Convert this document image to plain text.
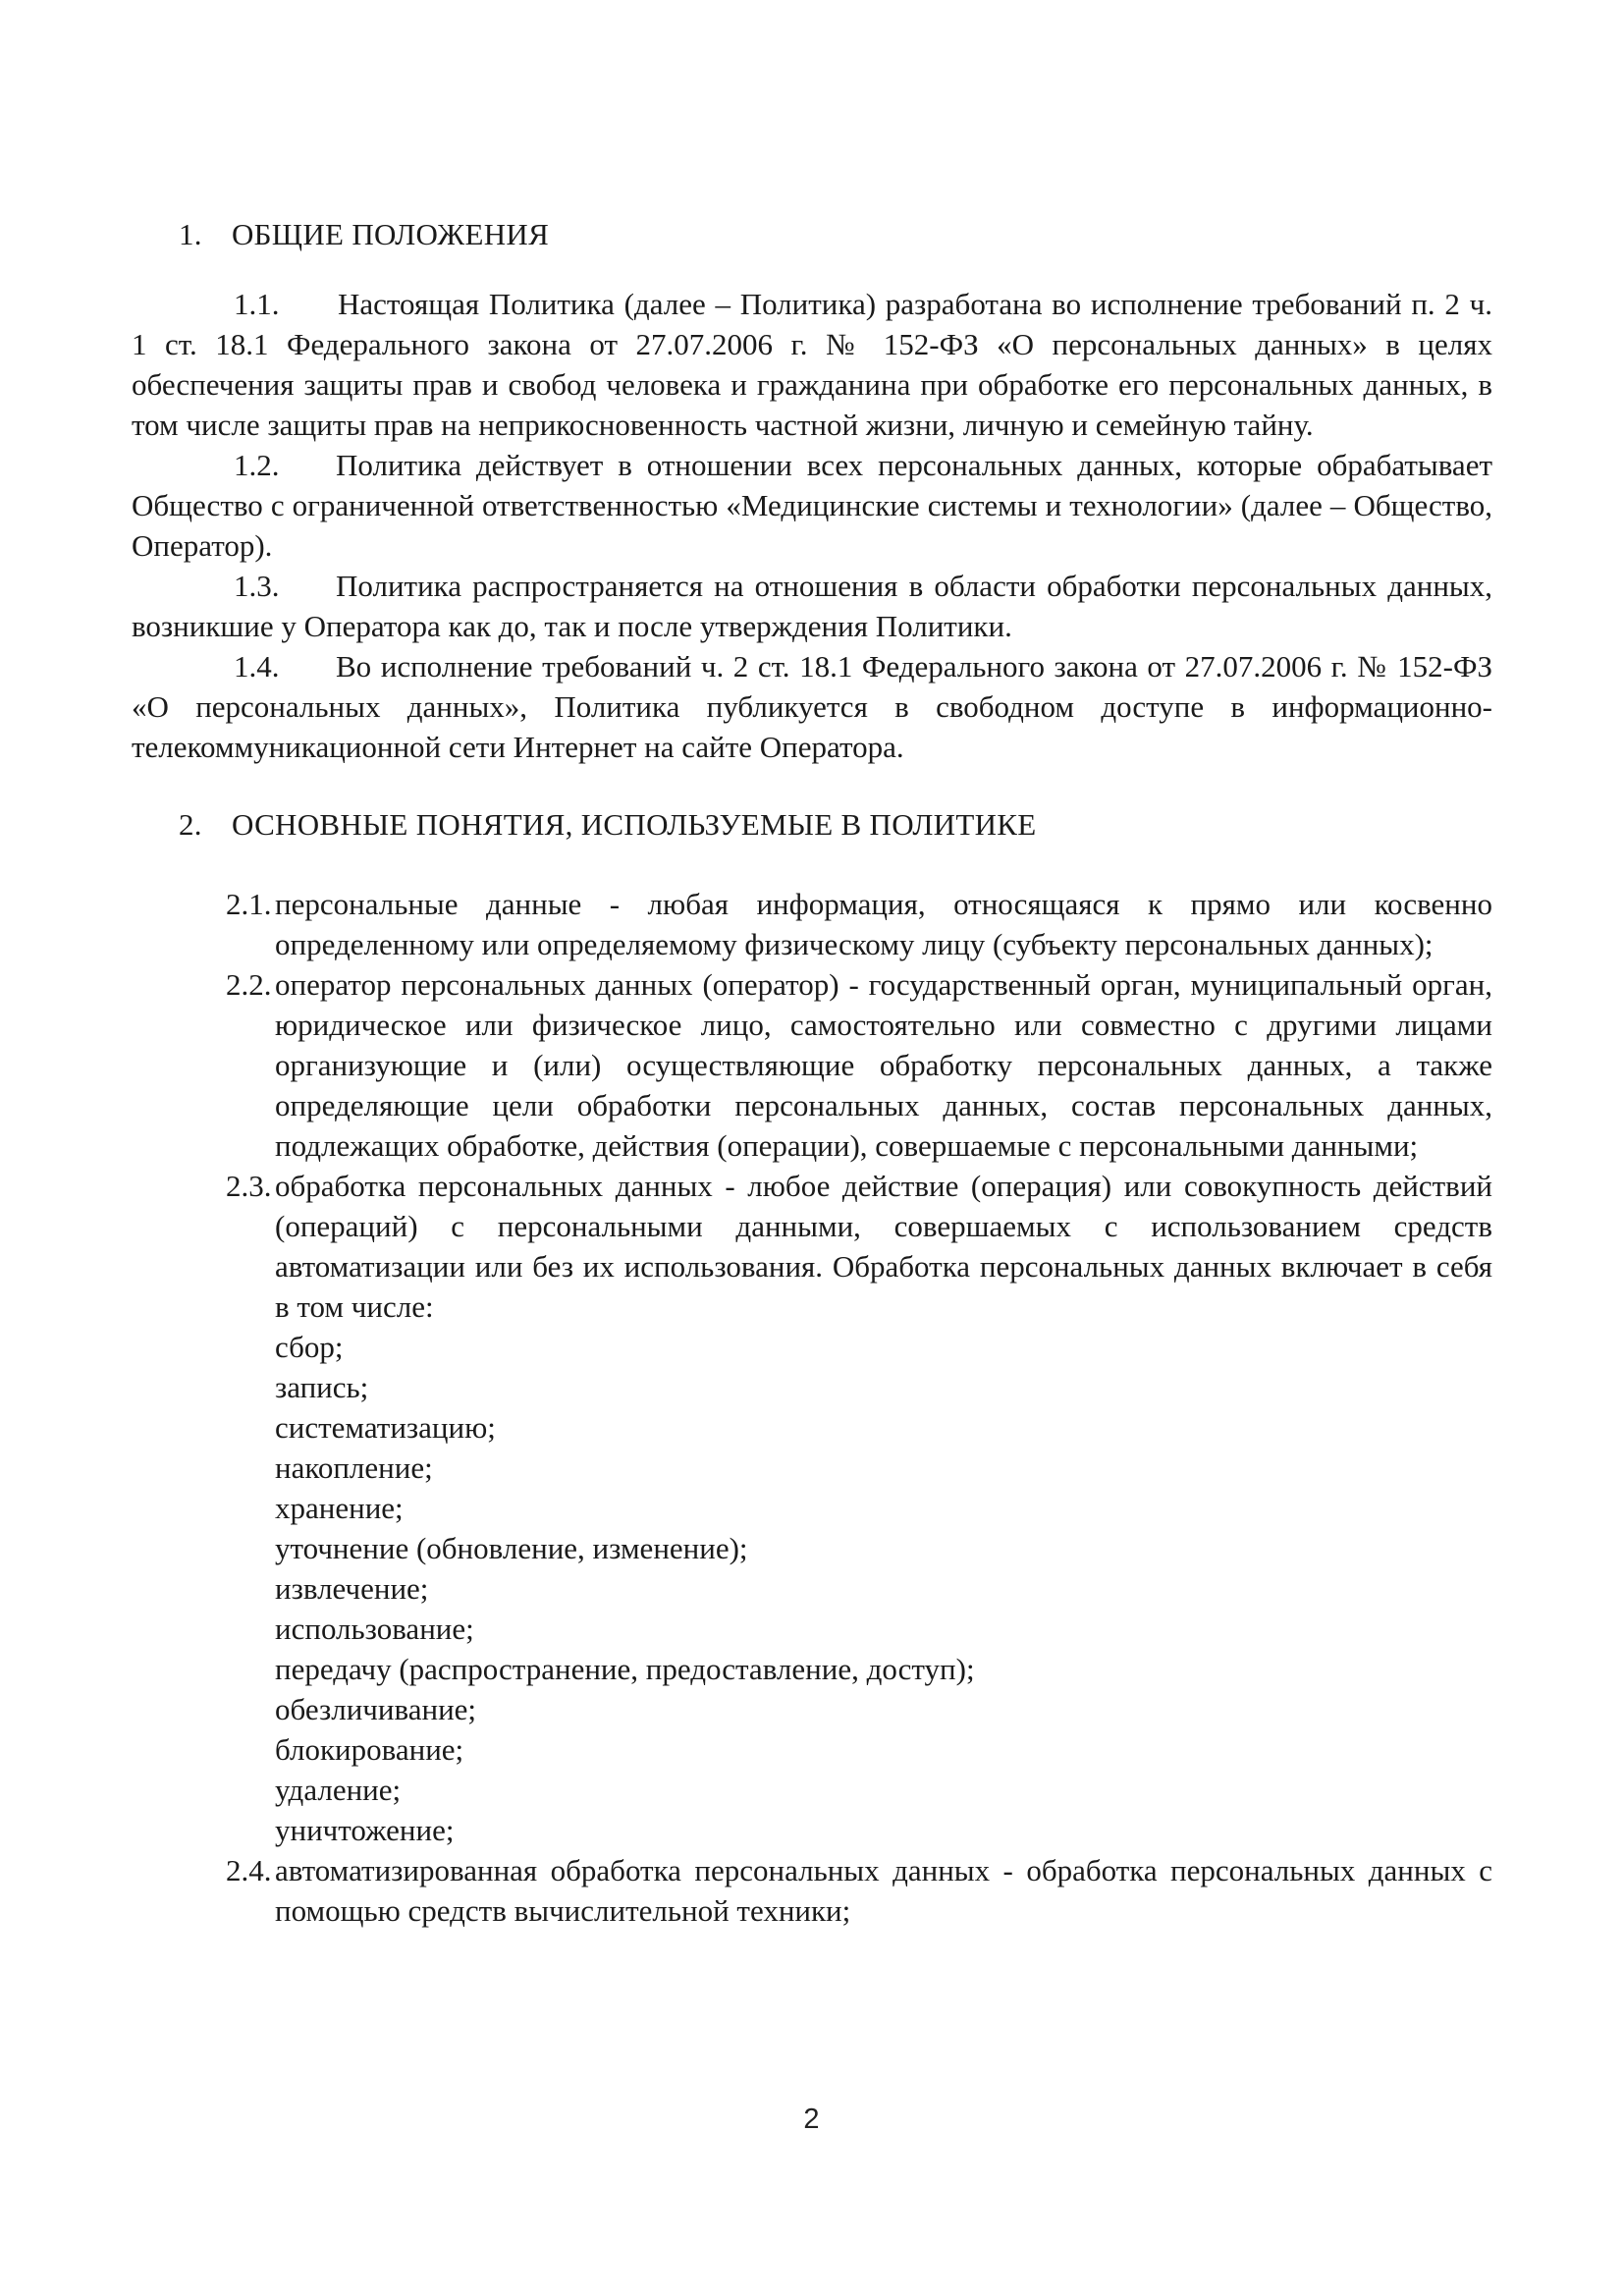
1. ОБЩИЕ ПОЛОЖЕНИЯ

1.1. Настоящая Политика (далее – Политика) разработана во исполнение требований п. 2 ч. 1 ст. 18.1 Федерального закона от 27.07.2006 г. № 152-ФЗ «О персональных данных» в целях обеспечения защиты прав и свобод человека и гражданина при обработке его персональных данных, в том числе защиты прав на неприкосновенность частной жизни, личную и семейную тайну.

1.2. Политика действует в отношении всех персональных данных, которые обрабатывает Общество с ограниченной ответственностью «Медицинские системы и технологии» (далее – Общество, Оператор).

1.3. Политика распространяется на отношения в области обработки персональных данных, возникшие у Оператора как до, так и после утверждения Политики.

1.4. Во исполнение требований ч. 2 ст. 18.1 Федерального закона от 27.07.2006 г. № 152-ФЗ «О персональных данных», Политика публикуется в свободном доступе в информационно-телекоммуникационной сети Интернет на сайте Оператора.

2. ОСНОВНЫЕ ПОНЯТИЯ, ИСПОЛЬЗУЕМЫЕ В ПОЛИТИКЕ
2.1. персональные данные - любая информация, относящаяся к прямо или косвенно определенному или определяемому физическому лицу (субъекту персональных данных);
2.2. оператор персональных данных (оператор) - государственный орган, муниципальный орган, юридическое или физическое лицо, самостоятельно или совместно с другими лицами организующие и (или) осуществляющие обработку персональных данных, а также определяющие цели обработки персональных данных, состав персональных данных, подлежащих обработке, действия (операции), совершаемые с персональными данными;
2.3. обработка персональных данных - любое действие (операция) или совокупность действий (операций) с персональными данными, совершаемых с использованием средств автоматизации или без их использования. Обработка персональных данных включает в себя в том числе:
сбор;
запись;
систематизацию;
накопление;
хранение;
уточнение (обновление, изменение);
извлечение;
использование;
передачу (распространение, предоставление, доступ);
обезличивание;
блокирование;
удаление;
уничтожение;
2.4. автоматизированная обработка персональных данных - обработка персональных данных с помощью средств вычислительной техники;
2
